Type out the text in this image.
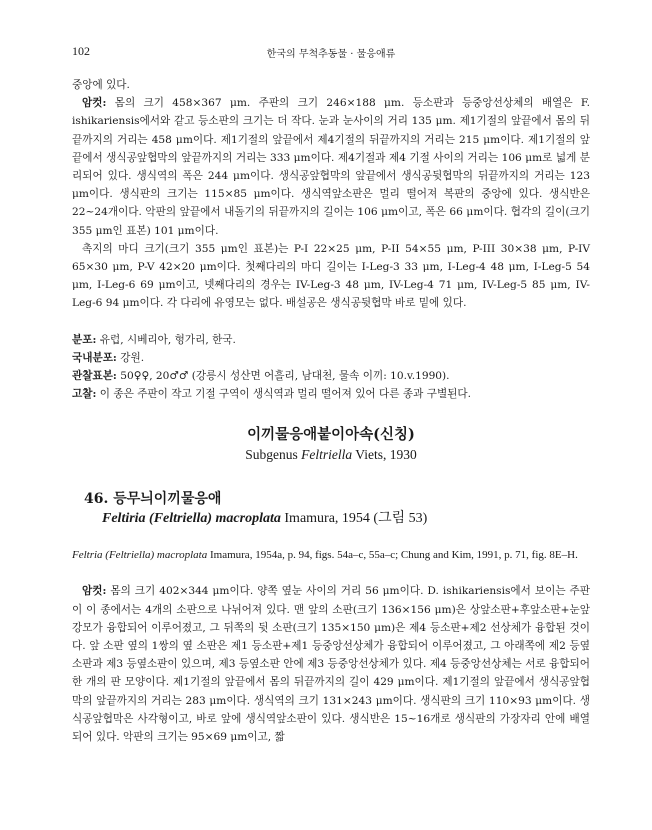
102	한국의 무척추동물 · 물응애류

중앙에 있다.

암컷: 몸의 크기 458×367 μm. 주판의 크기 246×188 μm. 등소판과 등중앙선상체의 배열은 F. ishikariensis에서와 같고 등소판의 크기는 더 작다. 눈과 눈사이의 거리 135 μm. 제1기절의 앞끝에서 몸의 뒤끝까지의 거리는 458 μm이다. 제1기절의 앞끝에서 제4기절의 뒤끝까지의 거리는 215 μm이다. 제1기절의 앞끝에서 생식공앞협막의 앞끝까지의 거리는 333 μm이다. 제4기절과 제4 기절 사이의 거리는 106 μm로 넓게 분리되어 있다. 생식역의 폭은 244 μm이다. 생식공앞협막의 앞끝에서 생식공뒷협막의 뒤끝까지의 거리는 123 μm이다. 생식판의 크기는 115×85 μm이다. 생식역앞소판은 멀리 떨어져 복판의 중앙에 있다. 생식반은 22~24개이다. 악판의 앞끝에서 내돌기의 뒤끝까지의 길이는 106 μm이고, 폭은 66 μm이다. 협각의 길이(크기 355 μm인 표본) 101 μm이다.

촉지의 마디 크기(크기 355 μm인 표본)는 P-I 22×25 μm, P-II 54×55 μm, P-III 30×38 μm, P-IV 65×30 μm, P-V 42×20 μm이다. 첫째다리의 마디 길이는 I-Leg-3 33 μm, I-Leg-4 48 μm, I-Leg-5 54 μm, I-Leg-6 69 μm이고, 넷째다리의 경우는 IV-Leg-3 48 μm, IV-Leg-4 71 μm, IV-Leg-5 85 μm, IV-Leg-6 94 μm이다. 각 다리에 유영모는 없다. 배설공은 생식공뒷협막 바로 밑에 있다.

분포: 유럽, 시베리아, 헝가리, 한국.

국내분포: 강원.

관찰표본: 50♀♀, 20♂♂ (강릉시 성산면 어흘리, 남대천, 물속 이끼: 10.v.1990).

고찰: 이 종은 주판이 작고 기절 구역이 생식역과 멀리 떨어져 있어 다른 종과 구별된다.

이끼물응애붙이아속(신칭)
Subgenus Feltriella Viets, 1930
46. 등무늬이끼물응애
Feltiria (Feltriella) macroplata Imamura, 1954 (그림 53)

Feltria (Feltriella) macroplata Imamura, 1954a, p. 94, figs. 54a–c, 55a–c; Chung and Kim, 1991, p. 71, fig. 8E–H.

암컷: 몸의 크기 402×344 μm이다. 양쪽 옆눈 사이의 거리 56 μm이다. D. ishikariensis에서 보이는 주판이 이 종에서는 4개의 소판으로 나뉘어져 있다. 맨 앞의 소판(크기 136×156 μm)은 상앞소판+후앞소판+눈앞강모가 융합되어 이루어졌고, 그 뒤쪽의 뒷 소판(크기 135×150 μm)은 제4 등소판+제2 선상체가 융합된 것이다. 앞 소판 옆의 1쌍의 옆 소판은 제1 등소판+제1 등중앙선상체가 융합되어 이루어졌고, 그 아래쪽에 제2 등옆소판과 제3 등옆소판이 있으며, 제3 등옆소판 안에 제3 등중앙선상체가 있다. 제4 등중앙선상체는 서로 융합되어 한 개의 판 모양이다. 제1기절의 앞끝에서 몸의 뒤끝까지의 길이 429 μm이다. 제1기절의 앞끝에서 생식공앞협막의 앞끝까지의 거리는 283 μm이다. 생식역의 크기 131×243 μm이다. 생식판의 크기 110×93 μm이다. 생식공앞협막은 사각형이고, 바로 앞에 생식역앞소판이 있다. 생식반은 15~16개로 생식판의 가장자리 안에 배열되어 있다. 악판의 크기는 95×69 μm이고, 짧
